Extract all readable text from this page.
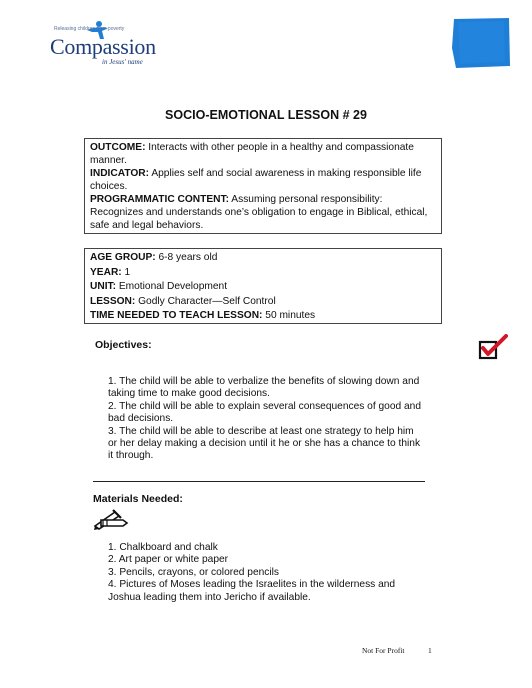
Releasing children from poverty
Compassion
in Jesus' name
SOCIO-EMOTIONAL LESSON # 29

OUTCOME: Interacts with other people in a healthy and compassionate manner.

INDICATOR: Applies self and social awareness in making responsible life choices.

PROGRAMMATIC CONTENT: Assuming personal responsibility: Recognizes and understands one’s obligation to engage in Biblical, ethical, safe and legal behaviors.

AGE GROUP: 6-8 years old

YEAR: 1

UNIT: Emotional Development

LESSON: Godly Character—Self Control

TIME NEEDED TO TEACH LESSON: 50 minutes

Objectives:

1. The child will be able to verbalize the benefits of slowing down and taking time to make good decisions.

2. The child will be able to explain several consequences of good and bad decisions.

3. The child will be able to describe at least one strategy to help him or her delay making a decision until it he or she has a chance to think it through.

Materials Needed:

1. Chalkboard and chalk

2. Art paper or white paper

3. Pencils, crayons, or colored pencils

4. Pictures of Moses leading the Israelites in the wilderness and Joshua leading them into Jericho if available.

Not For Profit	1
